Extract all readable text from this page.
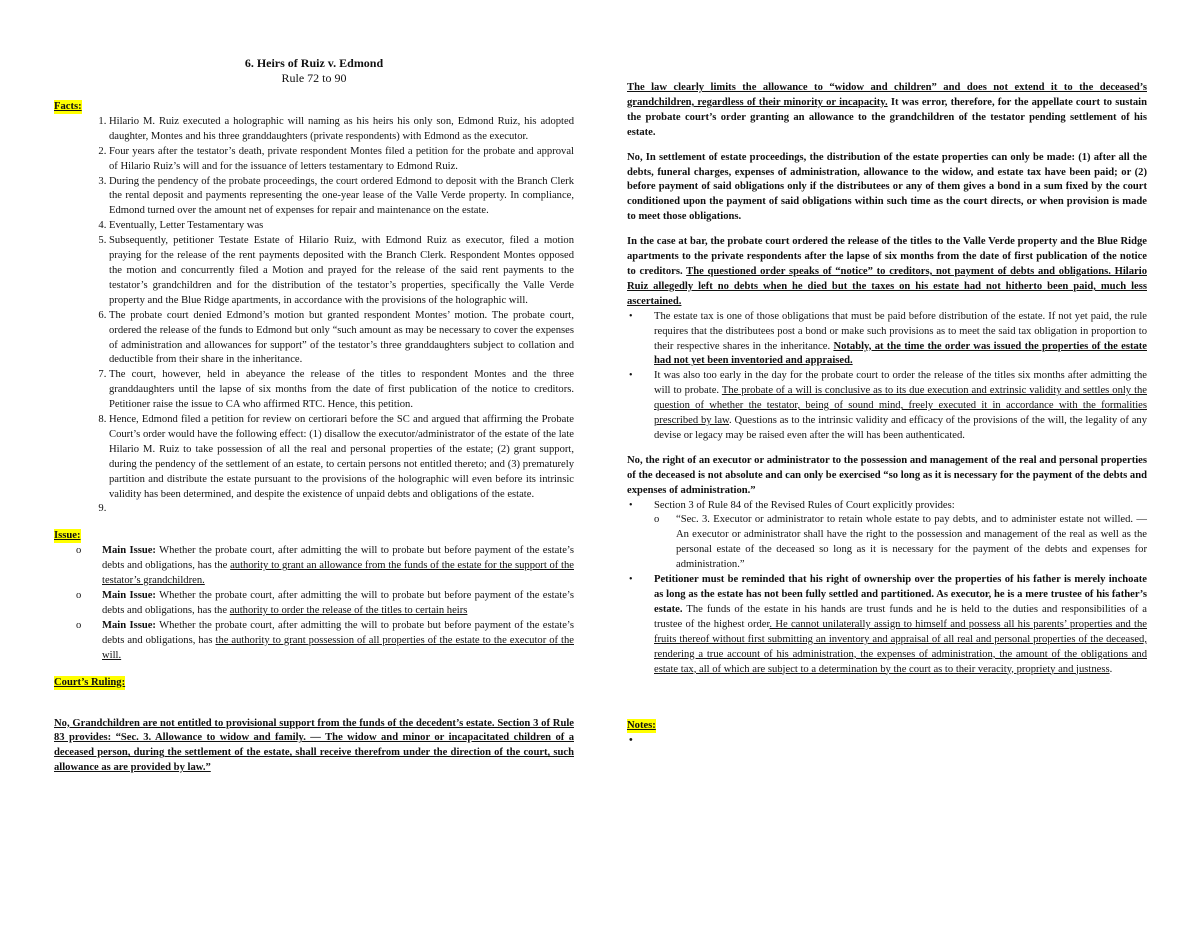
6. Heirs of Ruiz v. Edmond
Rule 72 to 90
Facts:
1. Hilario M. Ruiz executed a holographic will naming as his heirs his only son, Edmond Ruiz, his adopted daughter, Montes and his three granddaughters (private respondents) with Edmond as the executor.
2. Four years after the testator’s death, private respondent Montes filed a petition for the probate and approval of Hilario Ruiz’s will and for the issuance of letters testamentary to Edmond Ruiz.
3. During the pendency of the probate proceedings, the court ordered Edmond to deposit with the Branch Clerk the rental deposit and payments representing the one-year lease of the Valle Verde property. In compliance, Edmond turned over the amount net of expenses for repair and maintenance on the estate.
4. Eventually, Letter Testamentary was
5. Subsequently, petitioner Testate Estate of Hilario Ruiz, with Edmond Ruiz as executor, filed a motion praying for the release of the rent payments deposited with the Branch Clerk. Respondent Montes opposed the motion and concurrently filed a Motion and prayed for the release of the said rent payments to the testator’s grandchildren and for the distribution of the testator’s properties, specifically the Valle Verde property and the Blue Ridge apartments, in accordance with the provisions of the holographic will.
6. The probate court denied Edmond’s motion but granted respondent Montes’ motion. The probate court, ordered the release of the funds to Edmond but only “such amount as may be necessary to cover the expenses of administration and allowances for support” of the testator’s three granddaughters subject to collation and deductible from their share in the inheritance.
7. The court, however, held in abeyance the release of the titles to respondent Montes and the three granddaughters until the lapse of six months from the date of first publication of the notice to creditors. Petitioner raise the issue to CA who affirmed RTC. Hence, this petition.
8. Hence, Edmond filed a petition for review on certiorari before the SC and argued that affirming the Probate Court’s order would have the following effect: (1) disallow the executor/administrator of the estate of the late Hilario M. Ruiz to take possession of all the real and personal properties of the estate; (2) grant support, during the pendency of the settlement of an estate, to certain persons not entitled thereto; and (3) prematurely partition and distribute the estate pursuant to the provisions of the holographic will even before its intrinsic validity has been determined, and despite the existence of unpaid debts and obligations of the estate.
9.
Issue:
o Main Issue: Whether the probate court, after admitting the will to probate but before payment of the estate’s debts and obligations, has the authority to grant an allowance from the funds of the estate for the support of the testator’s grandchildren.
o Main Issue: Whether the probate court, after admitting the will to probate but before payment of the estate’s debts and obligations, has the authority to order the release of the titles to certain heirs
o Main Issue: Whether the probate court, after admitting the will to probate but before payment of the estate’s debts and obligations, has the authority to grant possession of all properties of the estate to the executor of the will.
Court’s Ruling:

No, Grandchildren are not entitled to provisional support from the funds of the decedent’s estate. Section 3 of Rule 83 provides: “Sec. 3. Allowance to widow and family. — The widow and minor or incapacitated children of a deceased person, during the settlement of the estate, shall receive therefrom under the direction of the court, such allowance as are provided by law.”

The law clearly limits the allowance to “widow and children” and does not extend it to the deceased’s grandchildren, regardless of their minority or incapacity. It was error, therefore, for the appellate court to sustain the probate court’s order granting an allowance to the grandchildren of the testator pending settlement of his estate.

No, In settlement of estate proceedings, the distribution of the estate properties can only be made: (1) after all the debts, funeral charges, expenses of administration, allowance to the widow, and estate tax have been paid; or (2) before payment of said obligations only if the distributees or any of them gives a bond in a sum fixed by the court conditioned upon the payment of said obligations within such time as the court directs, or when provision is made to meet those obligations.

In the case at bar, the probate court ordered the release of the titles to the Valle Verde property and the Blue Ridge apartments to the private respondents after the lapse of six months from the date of first publication of the notice to creditors. The questioned order speaks of “notice” to creditors, not payment of debts and obligations. Hilario Ruiz allegedly left no debts when he died but the taxes on his estate had not hitherto been paid, much less ascertained.

• The estate tax is one of those obligations that must be paid before distribution of the estate. If not yet paid, the rule requires that the distributees post a bond or make such provisions as to meet the said tax obligation in proportion to their respective shares in the inheritance. Notably, at the time the order was issued the properties of the estate had not yet been inventoried and appraised.
• It was also too early in the day for the probate court to order the release of the titles six months after admitting the will to probate. The probate of a will is conclusive as to its due execution and extrinsic validity and settles only the question of whether the testator, being of sound mind, freely executed it in accordance with the formalities prescribed by law. Questions as to the intrinsic validity and efficacy of the provisions of the will, the legality of any devise or legacy may be raised even after the will has been authenticated.

No, the right of an executor or administrator to the possession and management of the real and personal properties of the deceased is not absolute and can only be exercised “so long as it is necessary for the payment of the debts and expenses of administration.”

• Section 3 of Rule 84 of the Revised Rules of Court explicitly provides:
o “Sec. 3. Executor or administrator to retain whole estate to pay debts, and to administer estate not willed. —An executor or administrator shall have the right to the possession and management of the real as well as the personal estate of the deceased so long as it is necessary for the payment of the debts and expenses for administration.”
• Petitioner must be reminded that his right of ownership over the properties of his father is merely inchoate as long as the estate has not been fully settled and partitioned. As executor, he is a mere trustee of his father’s estate. The funds of the estate in his hands are trust funds and he is held to the duties and responsibilities of a trustee of the highest order. He cannot unilaterally assign to himself and possess all his parents’ properties and the fruits thereof without first submitting an inventory and appraisal of all real and personal properties of the deceased, rendering a true account of his administration, the expenses of administration, the amount of the obligations and estate tax, all of which are subject to a determination by the court as to their veracity, propriety and justness.
Notes:
•
